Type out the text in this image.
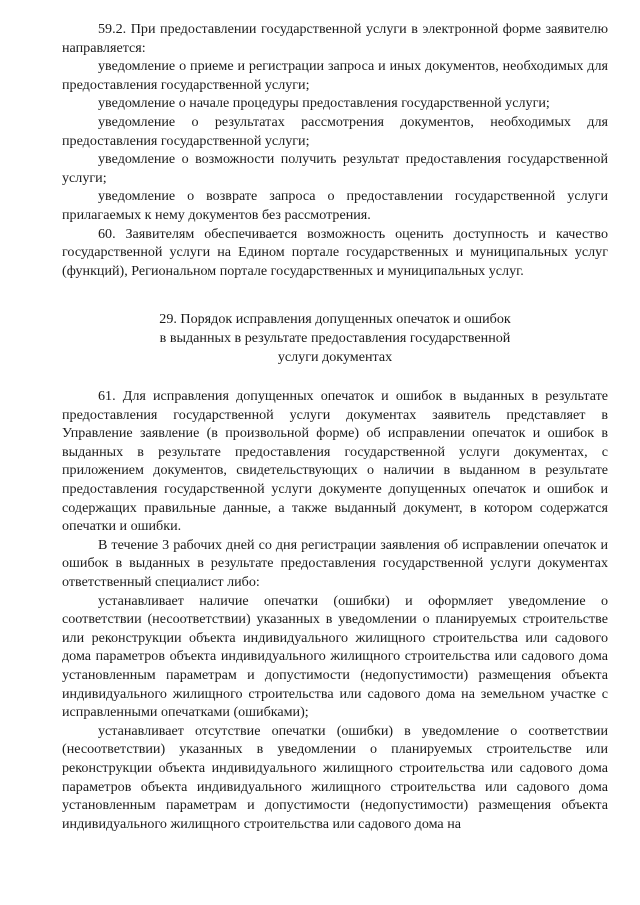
59.2. При предоставлении государственной услуги в электронной форме заявителю направляется:

уведомление о приеме и регистрации запроса и иных документов, необходимых для предоставления государственной услуги;

уведомление о начале процедуры предоставления государственной услуги;

уведомление о результатах рассмотрения документов, необходимых для предоставления государственной услуги;

уведомление о возможности получить результат предоставления государственной услуги;

уведомление о возврате запроса о предоставлении государственной услуги прилагаемых к нему документов без рассмотрения.

60. Заявителям обеспечивается возможность оценить доступность и качество государственной услуги на Едином портале государственных и муниципальных услуг (функций), Региональном портале государственных и муниципальных услуг.

29. Порядок исправления допущенных опечаток и ошибок
в выданных в результате предоставления государственной
услуги документах

61. Для исправления допущенных опечаток и ошибок в выданных в результате предоставления государственной услуги документах заявитель представляет в Управление заявление (в произвольной форме) об исправлении опечаток и ошибок в выданных в результате предоставления государственной услуги документах, с приложением документов, свидетельствующих о наличии в выданном в результате предоставления государственной услуги документе допущенных опечаток и ошибок и содержащих правильные данные, а также выданный документ, в котором содержатся опечатки и ошибки.

В течение 3 рабочих дней со дня регистрации заявления об исправлении опечаток и ошибок в выданных в результате предоставления государственной услуги документах ответственный специалист либо:

устанавливает наличие опечатки (ошибки) и оформляет уведомление о соответствии (несоответствии) указанных в уведомлении о планируемых строительстве или реконструкции объекта индивидуального жилищного строительства или садового дома параметров объекта индивидуального жилищного строительства или садового дома установленным параметрам и допустимости (недопустимости) размещения объекта индивидуального жилищного строительства или садового дома на земельном участке с исправленными опечатками (ошибками);

устанавливает отсутствие опечатки (ошибки) в уведомление о соответствии (несоответствии) указанных в уведомлении о планируемых строительстве или реконструкции объекта индивидуального жилищного строительства или садового дома параметров объекта индивидуального жилищного строительства или садового дома установленным параметрам и допустимости (недопустимости) размещения объекта индивидуального жилищного строительства или садового дома на
